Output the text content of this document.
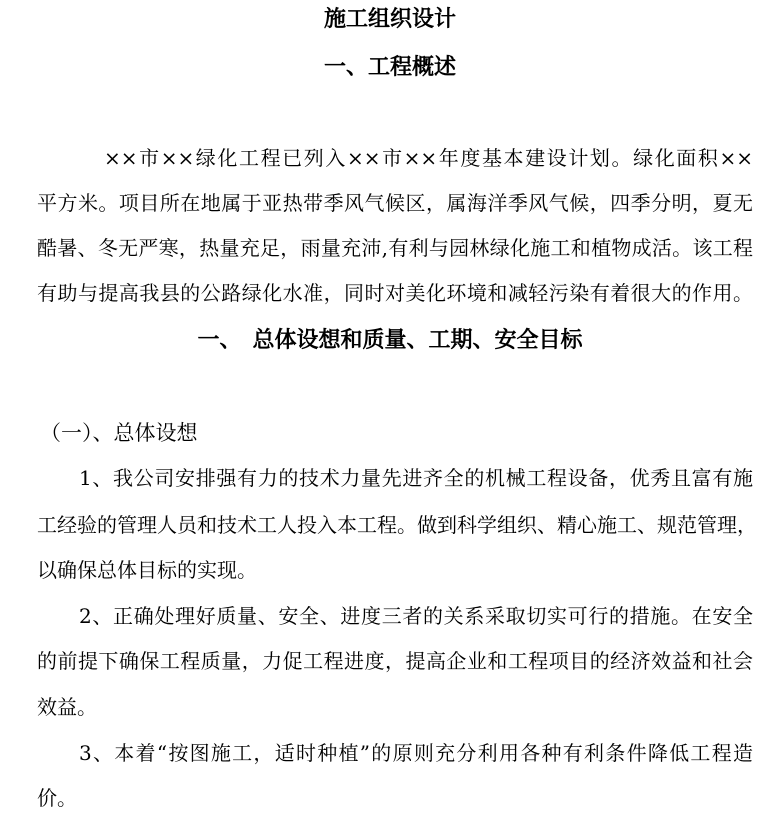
施工组织设计
一、工程概述
××市××绿化工程已列入××市××年度基本建设计划。绿化面积××
平方米。项目所在地属于亚热带季风气候区，属海洋季风气候，四季分明，夏无
酷暑、冬无严寒，热量充足，雨量充沛,有利与园林绿化施工和植物成活。该工程
有助与提高我县的公路绿化水准，同时对美化环境和减轻污染有着很大的作用。
一、　总体设想和质量、工期、安全目标
（一）、总体设想
1、我公司安排强有力的技术力量先进齐全的机械工程设备，优秀且富有施
工经验的管理人员和技术工人投入本工程。做到科学组织、精心施工、规范管理，
以确保总体目标的实现。
2、正确处理好质量、安全、进度三者的关系采取切实可行的措施。在安全
的前提下确保工程质量，力促工程进度，提高企业和工程项目的经济效益和社会
效益。
3、本着“按图施工，适时种植”的原则充分利用各种有利条件降低工程造
价。
